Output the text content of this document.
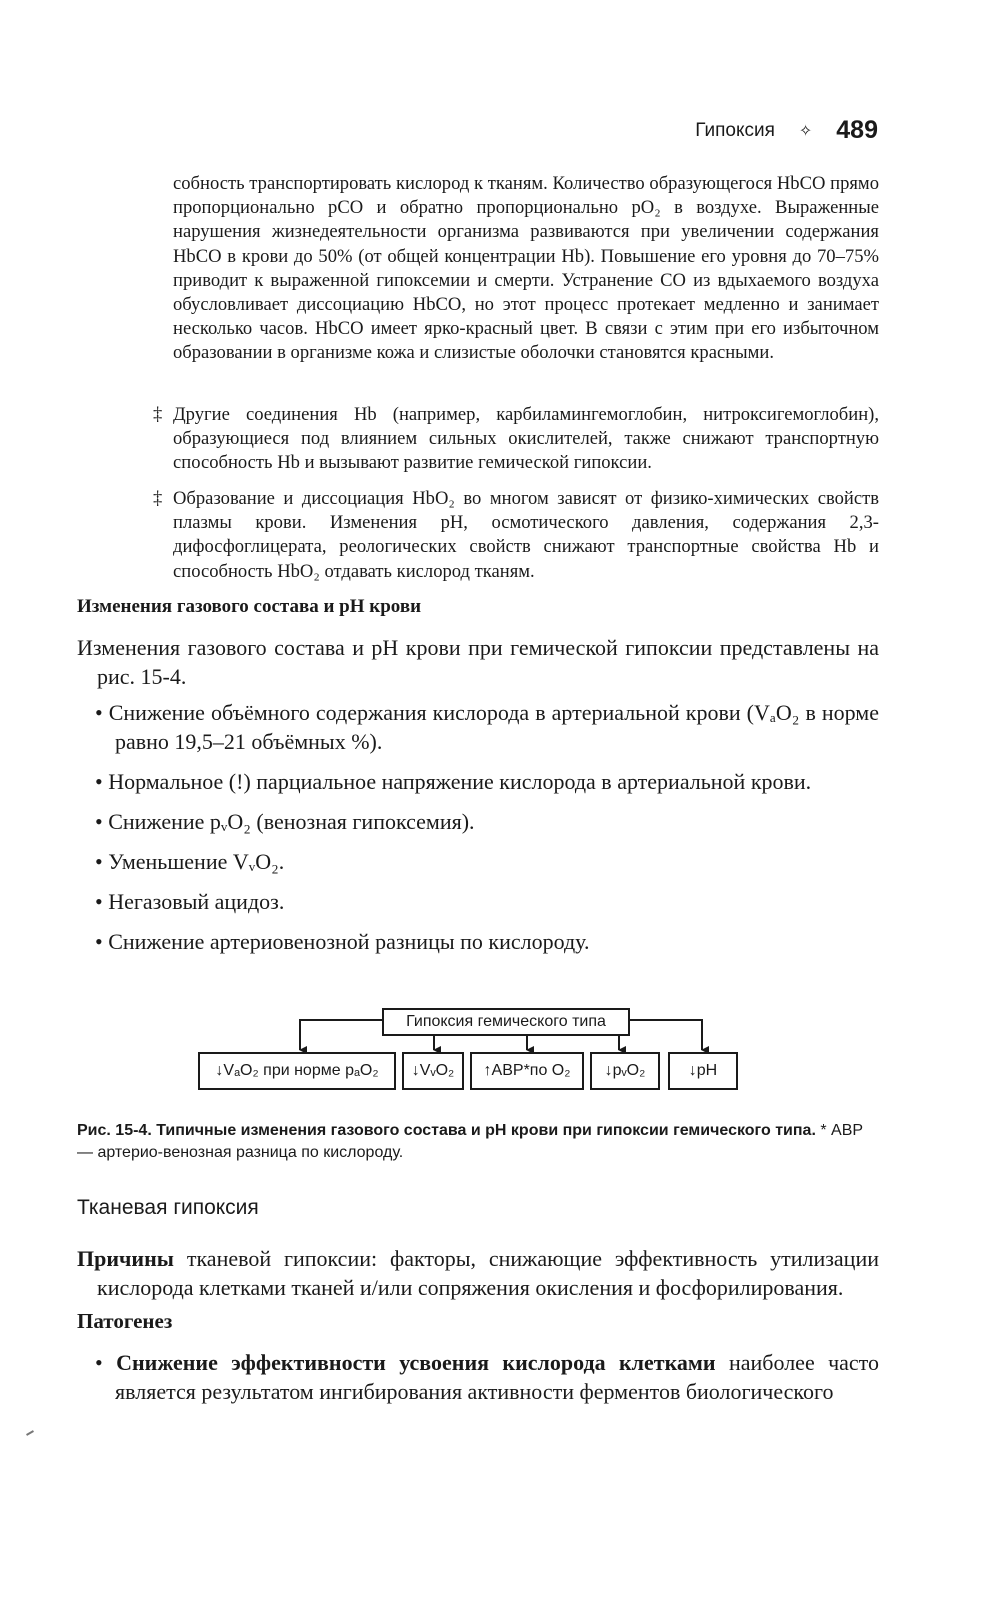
Гипоксия ✧ 489

собность транспортировать кислород к тканям. Количество образующегося HbCO прямо пропорционально pCO и обратно пропорционально pO₂ в воздухе. Выраженные нарушения жизнедеятельности организма развиваются при увеличении содержания HbCO в крови до 50% (от общей концентрации Hb). Повышение его уровня до 70–75% приводит к выраженной гипоксемии и смерти. Устранение CO из вдыхаемого воздуха обусловливает диссоциацию HbCO, но этот процесс протекает медленно и занимает несколько часов. HbCO имеет ярко-красный цвет. В связи с этим при его избыточном образовании в организме кожа и слизистые оболочки становятся красными.

‡ Другие соединения Hb (например, карбиламингемоглобин, нитроксигемоглобин), образующиеся под влиянием сильных окислителей, также снижают транспортную способность Hb и вызывают развитие гемической гипоксии.
‡ Образование и диссоциация HbO₂ во многом зависят от физико-химических свойств плазмы крови. Изменения pH, осмотического давления, содержания 2,3-дифосфоглицерата, реологических свойств снижают транспортные свойства Hb и способность HbO₂ отдавать кислород тканям.
Изменения газового состава и pH крови
Изменения газового состава и pH крови при гемической гипоксии представлены на рис. 15-4.
• Снижение объёмного содержания кислорода в артериальной крови (VₐO₂ в норме равно 19,5–21 объёмных %).
• Нормальное (!) парциальное напряжение кислорода в артериальной крови.
• Снижение pᵥO₂ (венозная гипоксемия).
• Уменьшение VᵥO₂.
• Негазовый ацидоз.
• Снижение артериовенозной разницы по кислороду.
Гипоксия гемического типа
↓VₐO₂ при норме pₐO₂	↓VᵥO₂	↑АВР*по O₂	↓pᵥO₂	↓pH
Рис. 15-4. Типичные изменения газового состава и pH крови при гипоксии гемического типа. * АВР — артерио-венозная разница по кислороду.
Тканевая гипоксия
Причины тканевой гипоксии: факторы, снижающие эффективность утилизации кислорода клетками тканей и/или сопряжения окисления и фосфорилирования.
Патогенез
• Снижение эффективности усвоения кислорода клетками наиболее часто является результатом ингибирования активности ферментов биологического
